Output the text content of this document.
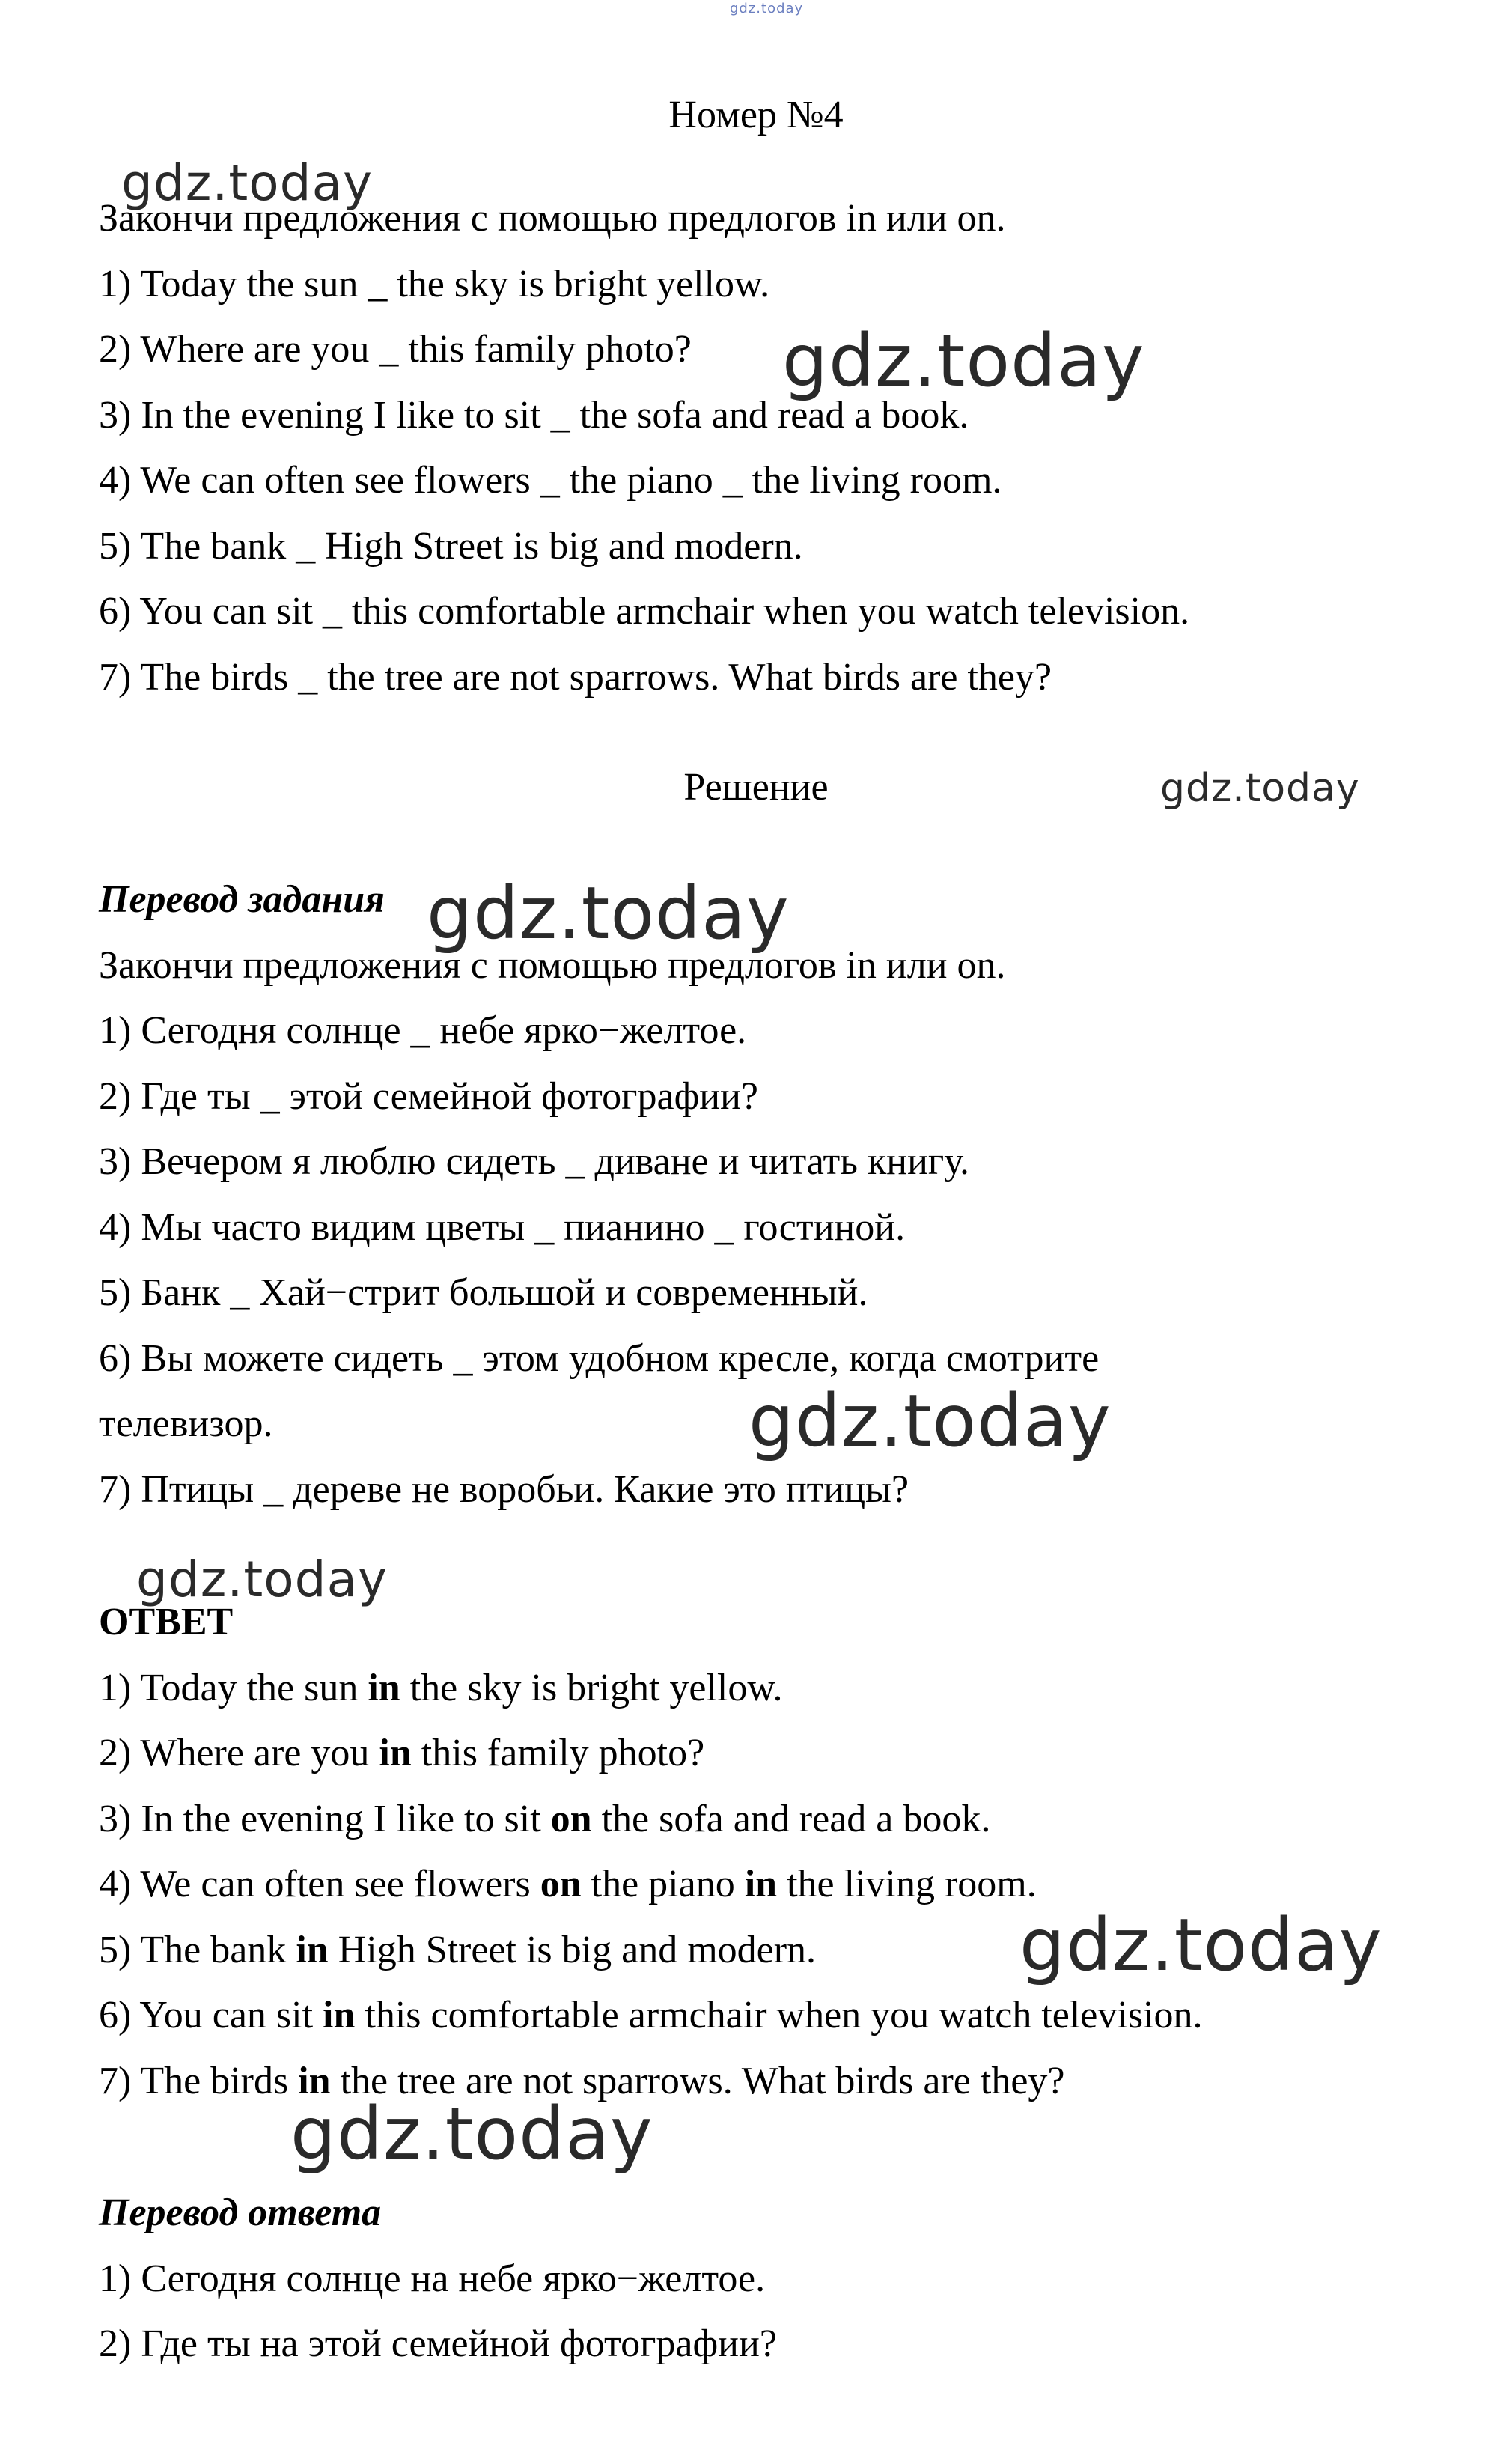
gdz.today
Номер №4
Закончи предложения с помощью предлогов in или on.
1) Today the sun _ the sky is bright yellow.
2) Where are you _ this family photo?
3) In the evening I like to sit _ the sofa and read a book.
4) We can often see flowers _ the piano _ the living room.
5) The bank _ High Street is big and modern.
6) You can sit _ this comfortable armchair when you watch television.
7) The birds _ the tree are not sparrows. What birds are they?
Решение
Перевод задания
Закончи предложения с помощью предлогов in или on.
1) Сегодня солнце _ небе ярко−желтое.
2) Где ты _ этой семейной фотографии?
3) Вечером я люблю сидеть _ диване и читать книгу.
4) Мы часто видим цветы _ пианино _ гостиной.
5) Банк _ Хай−стрит большой и современный.
6) Вы можете сидеть _ этом удобном кресле, когда смотрите
телевизор.
7) Птицы _ дереве не воробьи. Какие это птицы?
ОТВЕТ
1) Today the sun in the sky is bright yellow.
2) Where are you in this family photo?
3) In the evening I like to sit on the sofa and read a book.
4) We can often see flowers on the piano in the living room.
5) The bank in High Street is big and modern.
6) You can sit in this comfortable armchair when you watch television.
7) The birds in the tree are not sparrows. What birds are they?
Перевод ответа
1) Сегодня солнце на небе ярко−желтое.
2) Где ты на этой семейной фотографии?
gdz.today
gdz.today
gdz.today
gdz.today
gdz.today
gdz.today
gdz.today
gdz.today
